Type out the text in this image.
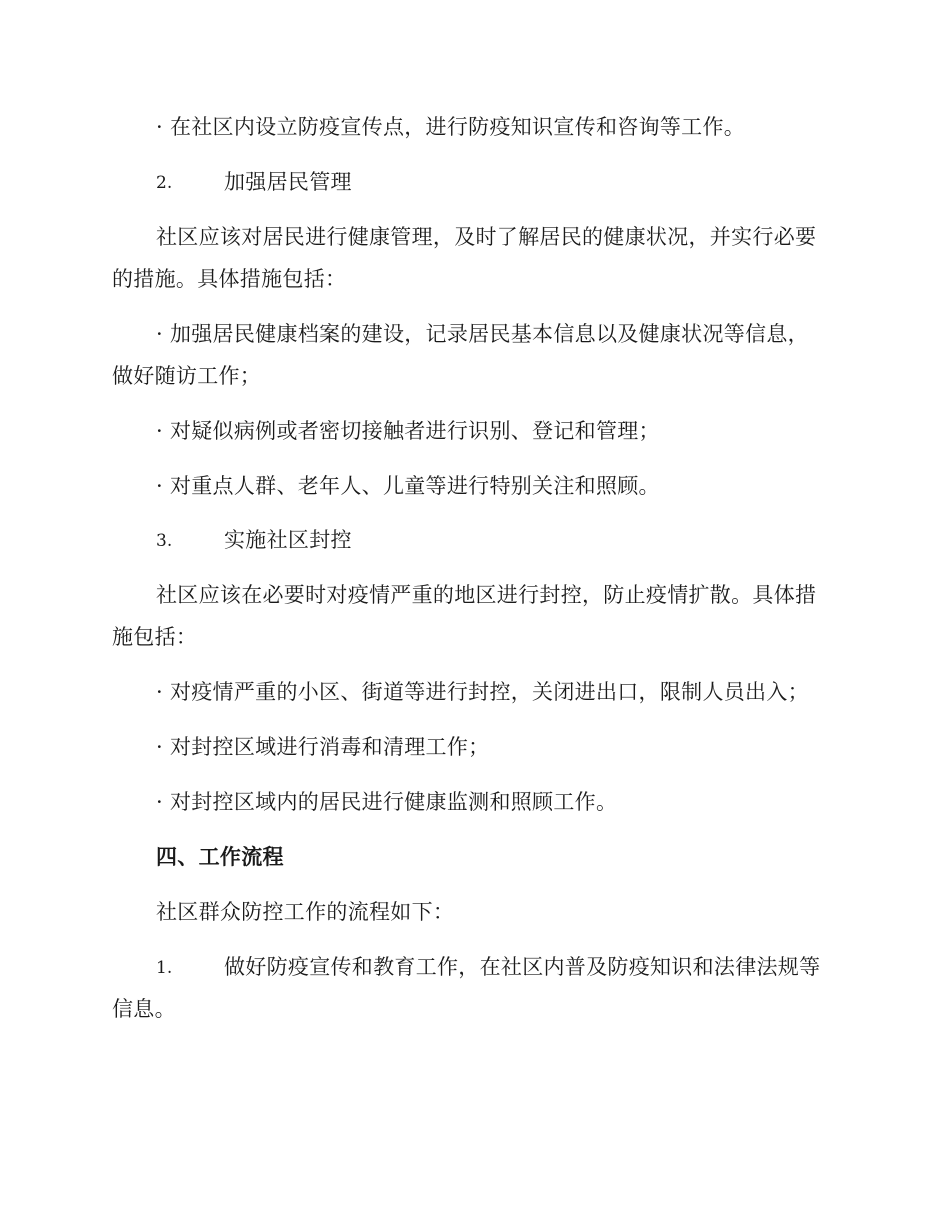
· 在社区内设立防疫宣传点，进行防疫知识宣传和咨询等工作。
2. 加强居民管理
社区应该对居民进行健康管理，及时了解居民的健康状况，并实行必要
的措施。具体措施包括：
· 加强居民健康档案的建设，记录居民基本信息以及健康状况等信息，
做好随访工作；
· 对疑似病例或者密切接触者进行识别、登记和管理；
· 对重点人群、老年人、儿童等进行特别关注和照顾。
3. 实施社区封控
社区应该在必要时对疫情严重的地区进行封控，防止疫情扩散。具体措
施包括：
· 对疫情严重的小区、街道等进行封控，关闭进出口，限制人员出入；
· 对封控区域进行消毒和清理工作；
· 对封控区域内的居民进行健康监测和照顾工作。
四、工作流程
社区群众防控工作的流程如下：
1. 做好防疫宣传和教育工作，在社区内普及防疫知识和法律法规等
信息。
